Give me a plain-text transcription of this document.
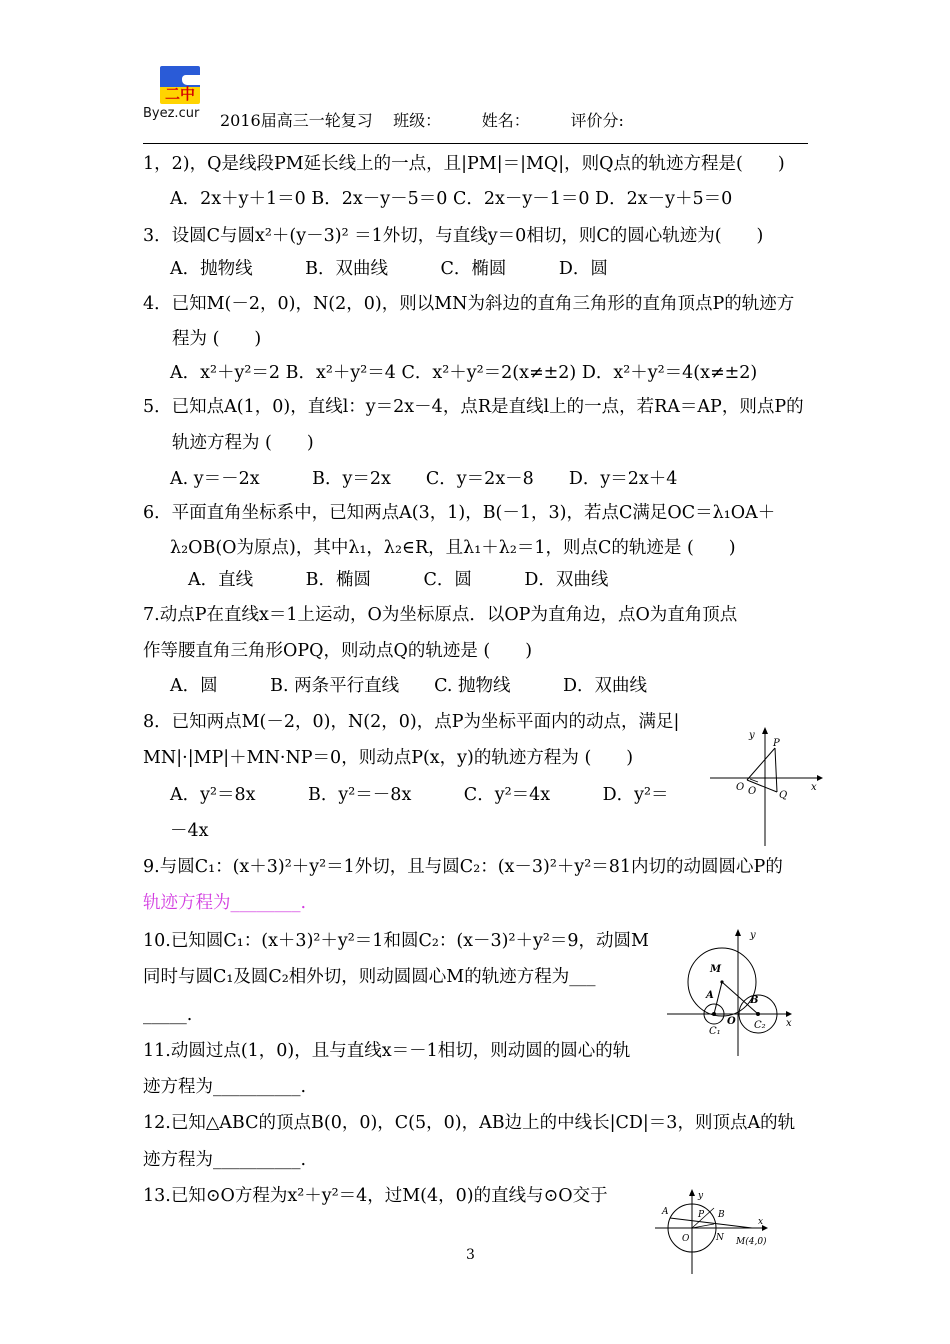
二中
Byez.cur 2016届高三一轮复习    班级：        姓名：        评价分:
1，2)，Q是线段PM延长线上的一点，且|PM|＝|MQ|，则Q点的轨迹方程是(　　)
A．2x＋y＋1＝0 B．2x－y－5＝0 C．2x－y－1＝0 D．2x－y＋5＝0
3．设圆C与圆x²＋(y－3)² ＝1外切，与直线y＝0相切，则C的圆心轨迹为(　　)
A．抛物线　　　B．双曲线　　　C．椭圆　　　D．圆
4．已知M(－2，0)，N(2，0)，则以MN为斜边的直角三角形的直角顶点P的轨迹方
程为 (　　)
A．x²＋y²＝2 B．x²＋y²＝4 C．x²＋y²＝2(x≠±2) D．x²＋y²＝4(x≠±2)
5．已知点A(1，0)，直线l：y＝2x－4，点R是直线l上的一点，若RA＝AP，则点P的
轨迹方程为 (　　)
A. y＝－2x　　　B．y＝2x　　C．y＝2x－8　　D．y＝2x＋4
6．平面直角坐标系中，已知两点A(3，1)，B(－1，3)，若点C满足OC＝λ₁OA＋
λ₂OB(O为原点)，其中λ₁，λ₂∈R，且λ₁＋λ₂＝1，则点C的轨迹是 (　　)
A．直线　　　B．椭圆　　　C．圆　　　D．双曲线
7.动点P在直线x＝1上运动，O为坐标原点．以OP为直角边，点O为直角顶点
作等腰直角三角形OPQ，则动点Q的轨迹是 (　　)
A．圆　　　B. 两条平行直线　　C. 抛物线　　　D．双曲线
8．已知两点M(－2，0)，N(2，0)，点P为坐标平面内的动点，满足|
MN|·|MP|＋MN·NP＝0，则动点P(x，y)的轨迹方程为 (　　)
A．y²＝8x　　　B．y²＝－8x　　　C．y²＝4x　　　D．y²＝
－4x
9.与圆C₁：(x＋3)²＋y²＝1外切，且与圆C₂：(x－3)²＋y²＝81内切的动圆圆心P的
轨迹方程为________.
10.已知圆C₁：(x＋3)²＋y²＝1和圆C₂：(x－3)²＋y²＝9，动圆M
同时与圆C₁及圆C₂相外切，则动圆圆心M的轨迹方程为___
_____.
11.动圆过点(1，0)，且与直线x＝－1相切，则动圆的圆心的轨
迹方程为__________.
12.已知△ABC的顶点B(0，0)，C(5，0)，AB边上的中线长|CD|＝3，则顶点A的轨
迹方程为__________.
13.已知⊙O方程为x²＋y²＝4，过M(4，0)的直线与⊙O交于
y
P
O O Q
x
y
M
A	B
C₁
O C₂ x
y
A	P B
O	N
x
M(4,0)
3
